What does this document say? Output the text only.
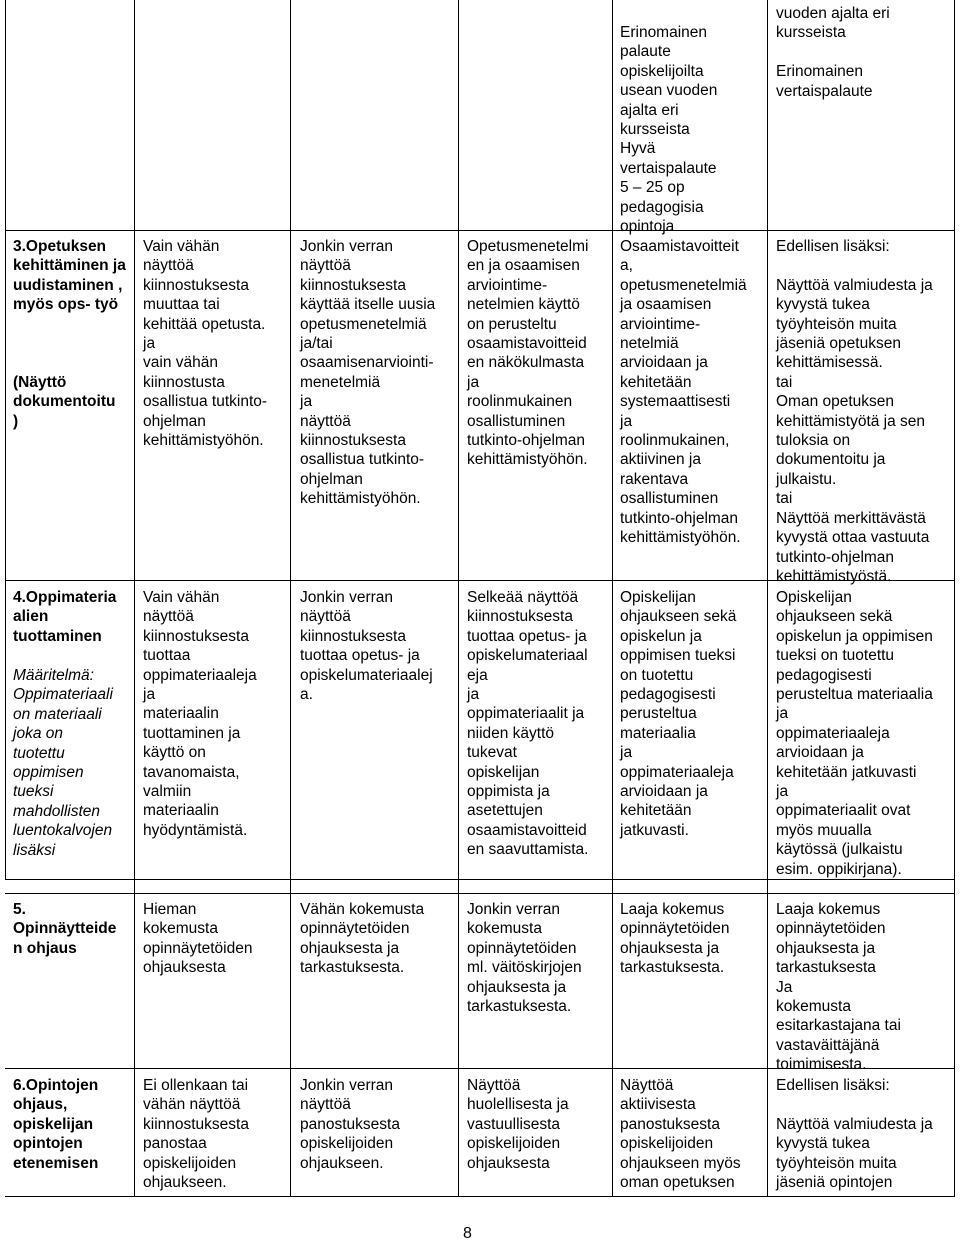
Erinomainen
palaute
opiskelijoilta
usean vuoden
ajalta eri
kursseista
Hyvä
vertaispalaute
5 – 25 op
pedagogisia
opintoja
vuoden ajalta eri
kursseista

Erinomainen
vertaispalaute
3.Opetuksen kehittäminen ja uudistaminen , myös ops- työ
(Näyttö
dokumentoitu
)
Vain vähän
näyttöä
kiinnostuksesta
muuttaa tai
kehittää opetusta.
ja
vain vähän
kiinnostusta
osallistua tutkinto-
ohjelman
kehittämistyöhön.
Jonkin verran
näyttöä
kiinnostuksesta
käyttää itselle uusia
opetusmenetelmiä
ja/tai
osaamisenarviointi-
menetelmiä
ja
näyttöä
kiinnostuksesta
osallistua tutkinto-
ohjelman
kehittämistyöhön.
Opetusmenetelmi
en ja osaamisen
arviointime-
netelmien käyttö
on perusteltu
osaamistavoitteid
en näkökulmasta
ja
roolinmukainen
osallistuminen
tutkinto-ohjelman
kehittämistyöhön.
Osaamistavoitteit
a,
opetusmenetelmiä
ja osaamisen
arviointime-
netelmiä
arvioidaan ja
kehitetään
systemaattisesti
ja
roolinmukainen,
aktiivinen ja
rakentava
osallistuminen
tutkinto-ohjelman
kehittämistyöhön.
Edellisen lisäksi:

Näyttöä valmiudesta ja
kyvystä tukea
työyhteisön muita
jäseniä opetuksen
kehittämisessä.
tai
Oman opetuksen
kehittämistyötä ja sen
tuloksia on
dokumentoitu ja
julkaistu.
tai
Näyttöä merkittävästä
kyvystä ottaa vastuuta
tutkinto-ohjelman
kehittämistyöstä.
4.Oppimateria
alien
tuottaminen
Määritelmä:
Oppimateriaali
on materiaali
joka on
tuotettu
oppimisen
tueksi
mahdollisten
luentokalvojen
lisäksi
Vain vähän
näyttöä
kiinnostuksesta
tuottaa
oppimateriaaleja
ja
materiaalin
tuottaminen ja
käyttö on
tavanomaista,
valmiin
materiaalin
hyödyntämistä.
Jonkin verran
näyttöä
kiinnostuksesta
tuottaa opetus- ja
opiskelumateriaalej
a.
Selkeää näyttöä
kiinnostuksesta
tuottaa opetus- ja
opiskelumateriaal
eja
ja
oppimateriaalit ja
niiden käyttö
tukevat
opiskelijan
oppimista ja
asetettujen
osaamistavoitteid
en saavuttamista.
Opiskelijan
ohjaukseen sekä
opiskelun ja
oppimisen tueksi
on tuotettu
pedagogisesti
perusteltua
materiaalia
ja
oppimateriaaleja
arvioidaan ja
kehitetään
jatkuvasti.
Opiskelijan
ohjaukseen sekä
opiskelun ja oppimisen
tueksi on tuotettu
pedagogisesti
perusteltua materiaalia
ja
oppimateriaaleja
arvioidaan ja
kehitetään jatkuvasti
ja
oppimateriaalit ovat
myös muualla
käytössä (julkaistu
esim. oppikirjana).
5.
Opinnäytteide
n ohjaus
Hieman
kokemusta
opinnäytetöiden
ohjauksesta
Vähän kokemusta
opinnäytetöiden
ohjauksesta ja
tarkastuksesta.
Jonkin verran
kokemusta
opinnäytetöiden
ml. väitöskirjojen
ohjauksesta ja
tarkastuksesta.
Laaja kokemus
opinnäytetöiden
ohjauksesta ja
tarkastuksesta.
Laaja kokemus
opinnäytetöiden
ohjauksesta ja
tarkastuksesta
Ja
kokemusta
esitarkastajana tai
vastaväittäjänä
toimimisesta.
6.Opintojen
ohjaus,
opiskelijan
opintojen
etenemisen
Ei ollenkaan tai
vähän näyttöä
kiinnostuksesta
panostaa
opiskelijoiden
ohjaukseen.
Jonkin verran
näyttöä
panostuksesta
opiskelijoiden
ohjaukseen.
Näyttöä
huolellisesta ja
vastuullisesta
opiskelijoiden
ohjauksesta
Näyttöä
aktiivisesta
panostuksesta
opiskelijoiden
ohjaukseen myös
oman opetuksen
Edellisen lisäksi:

Näyttöä valmiudesta ja
kyvystä tukea
työyhteisön muita
jäseniä opintojen
8
